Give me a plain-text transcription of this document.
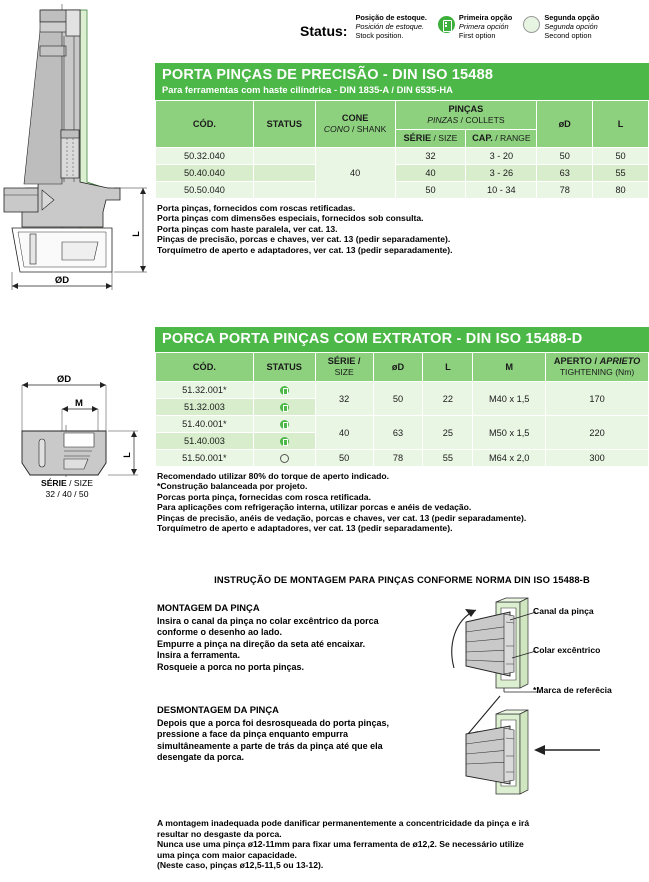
Status:
Posição de estoque.
Posición de estoque.
Stock position.
Primeira opção
Primera opción
First option
Segunda opção
Segunda opción
Second option
L
ØD
PORTA PINÇAS DE PRECISÃO - DIN ISO 15488
Para ferramentas com haste cilíndrica - DIN 1835-A / DIN 6535-HA
CÓD.	STATUS	CONE
CONO / SHANK	PINÇAS
PINZAS / COLLETS		øD	L
			SÉRIE / SIZE	CAP. / RANGE		
50.32.040		40	32	3 - 20	50	50
50.40.040			40	3 - 26	63	55
50.50.040			50	10 - 34	78	80
Porta pinças, fornecidos com roscas retificadas.
Porta pinças com dimensões especiais, fornecidos sob consulta.
Porta pinças com haste paralela, ver cat. 13.
Pinças de precisão, porcas e chaves, ver cat. 13 (pedir separadamente).
Torquímetro de aperto e adaptadores, ver cat. 13 (pedir separadamente).
ØD
M
L
SÉRIE / SIZE
32 / 40 / 50
PORCA PORTA PINÇAS COM EXTRATOR - DIN ISO 15488-D
CÓD.	STATUS	SÉRIE /
SIZE	øD	L	M	APERTO / APRIETO
TIGHTENING (Nm)
51.32.001*		32	50	22	M40 x 1,5	170
51.32.003						
51.40.001*		40	63	25	M50 x 1,5	220
51.40.003						
51.50.001*		50	78	55	M64 x 2,0	300
Recomendado utilizar 80% do torque de aperto indicado.
*Construção balanceada por projeto.
Porcas porta pinça, fornecidas com rosca retificada.
Para aplicações com refrigeração interna, utilizar porcas e anéis de vedação.
Pinças de precisão, anéis de vedação, porcas e chaves, ver cat. 13 (pedir separadamente).
Torquímetro de aperto e adaptadores, ver cat. 13 (pedir separadamente).
INSTRUÇÃO DE MONTAGEM PARA PINÇAS CONFORME NORMA DIN ISO 15488-B
MONTAGEM DA PINÇA
Insira o canal da pinça no colar excêntrico da porca
conforme o desenho ao lado.
Empurre a pinça na direção da seta até encaixar.
Insira a ferramenta.
Rosqueie a porca no porta pinças.
Canal da pinça
Colar excêntrico
*Marca de referêcia
DESMONTAGEM DA PINÇA
Depois que a porca foi desrosqueada do porta pinças,
pressione a face da pinça enquanto empurra
simultâneamente a parte de trás da pinça até que ela
desengate da porca.
A montagem inadequada pode danificar permanentemente a concentricidade da pinça e irá
resultar no desgaste da porca.
Nunca use uma pinça ø12-11mm para fixar uma ferramenta de ø12,2. Se necessário utilize
uma pinça com maior capacidade.
(Neste caso, pinças ø12,5-11,5 ou 13-12).
